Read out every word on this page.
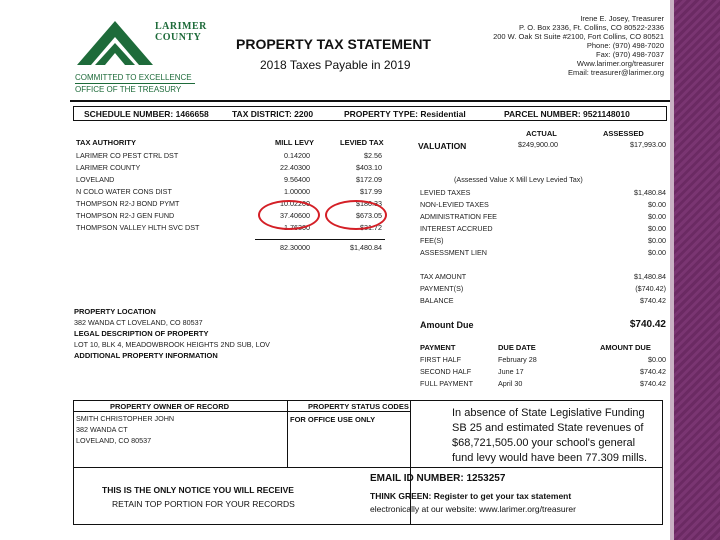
LARIMER
COUNTY
COMMITTED TO EXCELLENCE
OFFICE OF THE TREASURY
PROPERTY TAX STATEMENT
2018 Taxes Payable in 2019
Irene E. Josey, Treasurer
P. O. Box 2336, Ft. Collins, CO 80522-2336
200 W. Oak St Suite #2100, Fort Collins, CO 80521
Phone: (970) 498-7020
Fax: (970) 498-7037
Www.larimer.org/treasurer
Email: treasurer@larimer.org
SCHEDULE NUMBER: 1466658	TAX DISTRICT: 2200	PROPERTY TYPE: Residential	PARCEL NUMBER: 9521148010
TAX AUTHORITY	MILL LEVY	LEVIED TAX
LARIMER CO PEST CTRL DST	0.14200	$2.56
LARIMER COUNTY	22.40300	$403.10
LOVELAND	9.56400	$172.09
N COLO WATER CONS DIST	1.00000	$17.99
THOMPSON R2-J BOND PYMT	10.02200	$180.33
THOMPSON R2-J GEN FUND	37.40600	$673.05
THOMPSON VALLEY HLTH SVC DST	1.76300	$31.72
82.30000	$1,480.84
ACTUAL	ASSESSED
VALUATION	$249,900.00	$17,993.00
(Assessed Value X Mill Levy Levied Tax)
LEVIED TAXES	$1,480.84
NON-LEVIED TAXES	$0.00
ADMINISTRATION FEE	$0.00
INTEREST ACCRUED	$0.00
FEE(S)	$0.00
ASSESSMENT LIEN	$0.00
TAX AMOUNT	$1,480.84
PAYMENT(S)	($740.42)
BALANCE	$740.42
Amount Due	$740.42
PAYMENT	DUE DATE	AMOUNT DUE
FIRST HALF	February 28	$0.00
SECOND HALF	June 17	$740.42
FULL PAYMENT	April 30	$740.42
PROPERTY LOCATION
382 WANDA CT LOVELAND, CO 80537
LEGAL DESCRIPTION OF PROPERTY
LOT 10, BLK 4, MEADOWBROOK HEIGHTS 2ND SUB, LOV
ADDITIONAL PROPERTY INFORMATION
PROPERTY OWNER OF RECORD
SMITH CHRISTOPHER JOHN
382 WANDA CT
LOVELAND, CO 80537
PROPERTY STATUS CODES
FOR OFFICE USE ONLY
In absence of State Legislative Funding
SB 25 and estimated State revenues of
$68,721,505.00 your school's general
fund levy would have been 77.309 mills.
THIS IS THE ONLY NOTICE YOU WILL RECEIVE
RETAIN TOP PORTION FOR YOUR RECORDS
EMAIL ID NUMBER: 1253257
THINK GREEN: Register to get your tax statement
electronically at our website: www.larimer.org/treasurer
